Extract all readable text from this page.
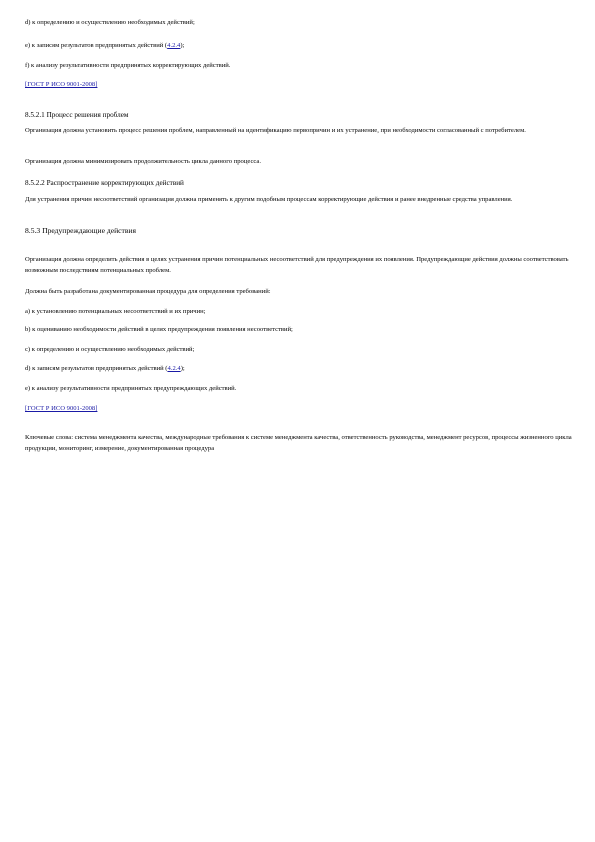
d) к определению и осуществлению необходимых действий;
e) к записям результатов предпринятых действий (4.2.4);
f) к анализу результативности предпринятых корректирующих действий.
[ГОСТ Р ИСО 9001-2008]
8.5.2.1 Процесс решения проблем
Организация должна установить процесс решения проблем, направленный на идентификацию первопричин и их устранение, при необходимости согласованный с потребителем.
Организация должна минимизировать продолжительность цикла данного процесса.
8.5.2.2 Распространение корректирующих действий
Для устранения причин несоответствий организация должна применять к другим подобным процессам корректирующие действия и ранее внедренные средства управления.
8.5.3 Предупреждающие действия
Организация должна определить действия в целях устранения причин потенциальных несоответствий для предупреждения их появления. Предупреждающие действия должны соответствовать возможным последствиям потенциальных проблем.
Должна быть разработана документированная процедура для определения требований:
a) к установлению потенциальных несоответствий и их причин;
b) к оцениванию необходимости действий в целях предупреждения появления несоответствий;
c) к определению и осуществлению необходимых действий;
d) к записям результатов предпринятых действий (4.2.4);
e) к анализу результативности предпринятых предупреждающих действий.
[ГОСТ Р ИСО 9001-2008]
Ключевые слова: система менеджмента качества, международные требования к системе менеджмента качества, ответственность руководства, менеджмент ресурсов, процессы жизненного цикла продукции, мониторинг, измерение, документированная процедура
